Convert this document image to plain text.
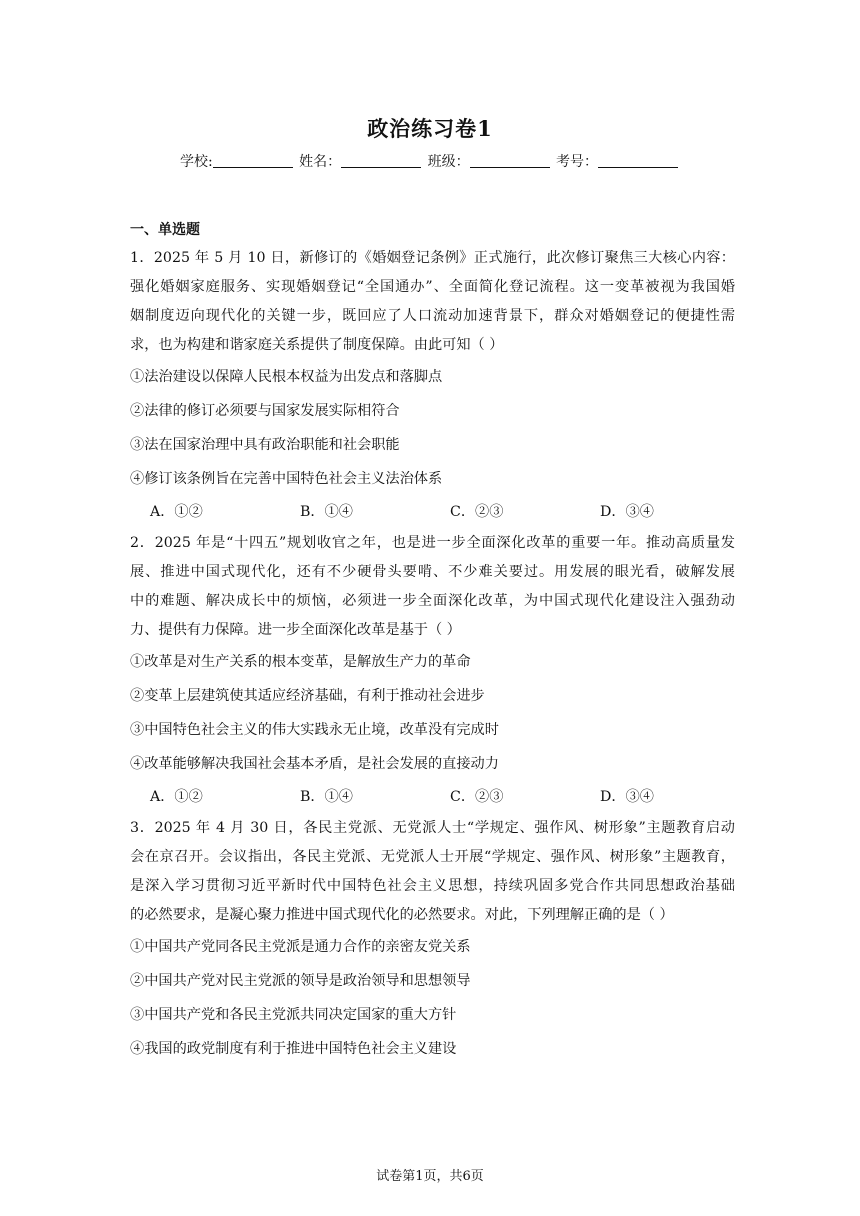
政治练习卷1
学校:	姓名：	班级：	考号：
一、单选题
1．2025 年 5 月 10 日，新修订的《婚姻登记条例》正式施行，此次修订聚焦三大核心内容：
强化婚姻家庭服务、实现婚姻登记“全国通办”、全面简化登记流程。这一变革被视为我国婚
姻制度迈向现代化的关键一步，既回应了人口流动加速背景下，群众对婚姻登记的便捷性需
求，也为构建和谐家庭关系提供了制度保障。由此可知（ ）
①法治建设以保障人民根本权益为出发点和落脚点
②法律的修订必须要与国家发展实际相符合
③法在国家治理中具有政治职能和社会职能
④修订该条例旨在完善中国特色社会主义法治体系
A．①②	B．①④	C．②③	D．③④
2．2025 年是“十四五”规划收官之年，也是进一步全面深化改革的重要一年。推动高质量发
展、推进中国式现代化，还有不少硬骨头要啃、不少难关要过。用发展的眼光看，破解发展
中的难题、解决成长中的烦恼，必须进一步全面深化改革，为中国式现代化建设注入强劲动
力、提供有力保障。进一步全面深化改革是基于（ ）
①改革是对生产关系的根本变革，是解放生产力的革命
②变革上层建筑使其适应经济基础，有利于推动社会进步
③中国特色社会主义的伟大实践永无止境，改革没有完成时
④改革能够解决我国社会基本矛盾，是社会发展的直接动力
A．①②	B．①④	C．②③	D．③④
3．2025 年 4 月 30 日，各民主党派、无党派人士“学规定、强作风、树形象”主题教育启动
会在京召开。会议指出，各民主党派、无党派人士开展“学规定、强作风、树形象”主题教育，
是深入学习贯彻习近平新时代中国特色社会主义思想，持续巩固多党合作共同思想政治基础
的必然要求，是凝心聚力推进中国式现代化的必然要求。对此，下列理解正确的是（ ）
①中国共产党同各民主党派是通力合作的亲密友党关系
②中国共产党对民主党派的领导是政治领导和思想领导
③中国共产党和各民主党派共同决定国家的重大方针
④我国的政党制度有利于推进中国特色社会主义建设
试卷第1页，共6页
